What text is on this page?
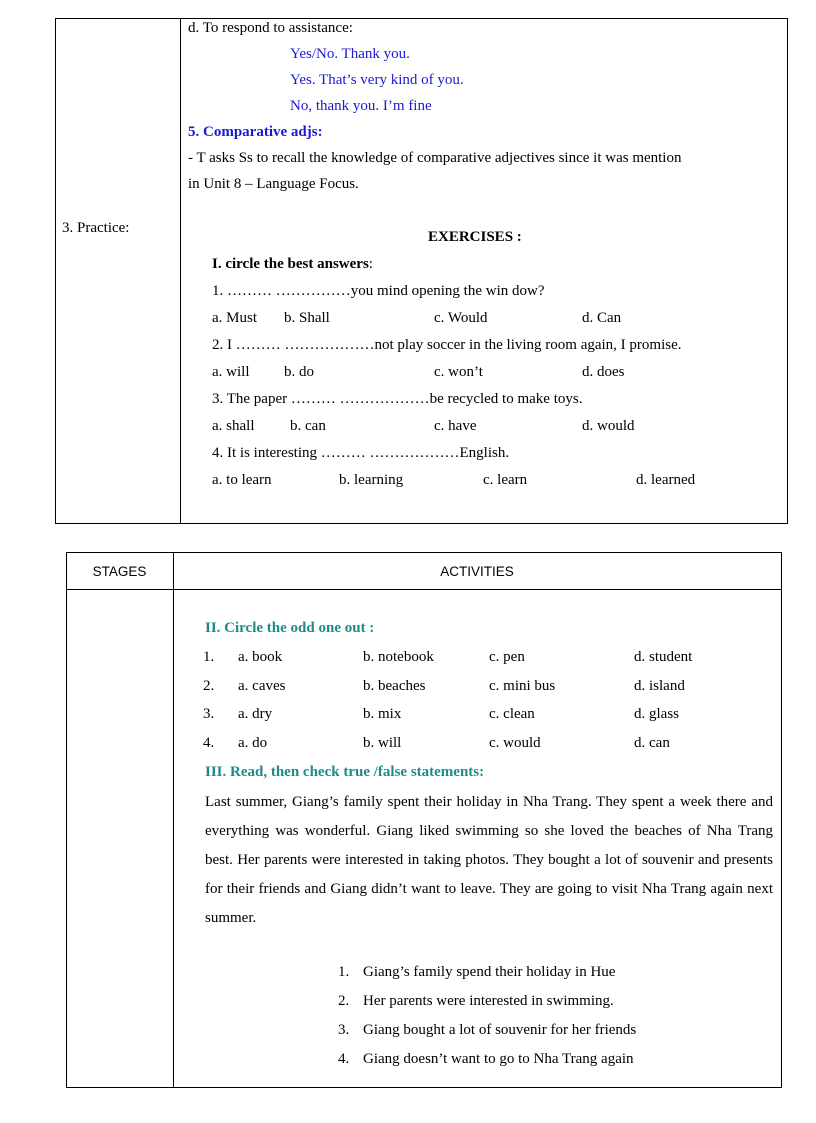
3. Practice:
d. To respond to assistance:
Yes/No. Thank you.
Yes. That’s very kind of you.
No, thank you. I’m fine
5. Comparative adjs:
- T asks Ss to recall the knowledge of comparative adjectives since it was mention
in Unit 8 – Language Focus.
EXERCISES :
I. circle the best answers:
1. ……… ……………you mind opening the win dow?
a. Must b. Shall	c. Would	d. Can
2. I ……… ………………not play soccer in the living room again, I promise.
a. will b. do	c. won’t	d. does
3. The paper ……… ………………be recycled to make toys.
a. shall b. can	c. have	d. would
4. It is interesting ……… ………………English.
a. to learn	b. learning	c. learn	d. learned
STAGES	ACTIVITIES
II. Circle the odd one out :
1. a. book	b. notebook	c. pen	d. student
2. a. caves	b. beaches	c. mini bus	d. island
3. a. dry	b. mix	c. clean	d. glass
4. a. do	b. will	c. would	d. can
III. Read, then check true /false statements:
Last summer, Giang’s family spent their holiday in Nha Trang. They spent a week there and everything was wonderful. Giang liked swimming so she loved the beaches of Nha Trang best. Her parents were interested in taking photos. They bought a lot of souvenir and presents for their friends and Giang didn’t want to leave. They are going to visit Nha Trang again next summer.
1. Giang’s family spend their holiday in Hue
2. Her parents were interested in swimming.
3. Giang bought a lot of souvenir for her friends
4. Giang doesn’t want to go to Nha Trang again
